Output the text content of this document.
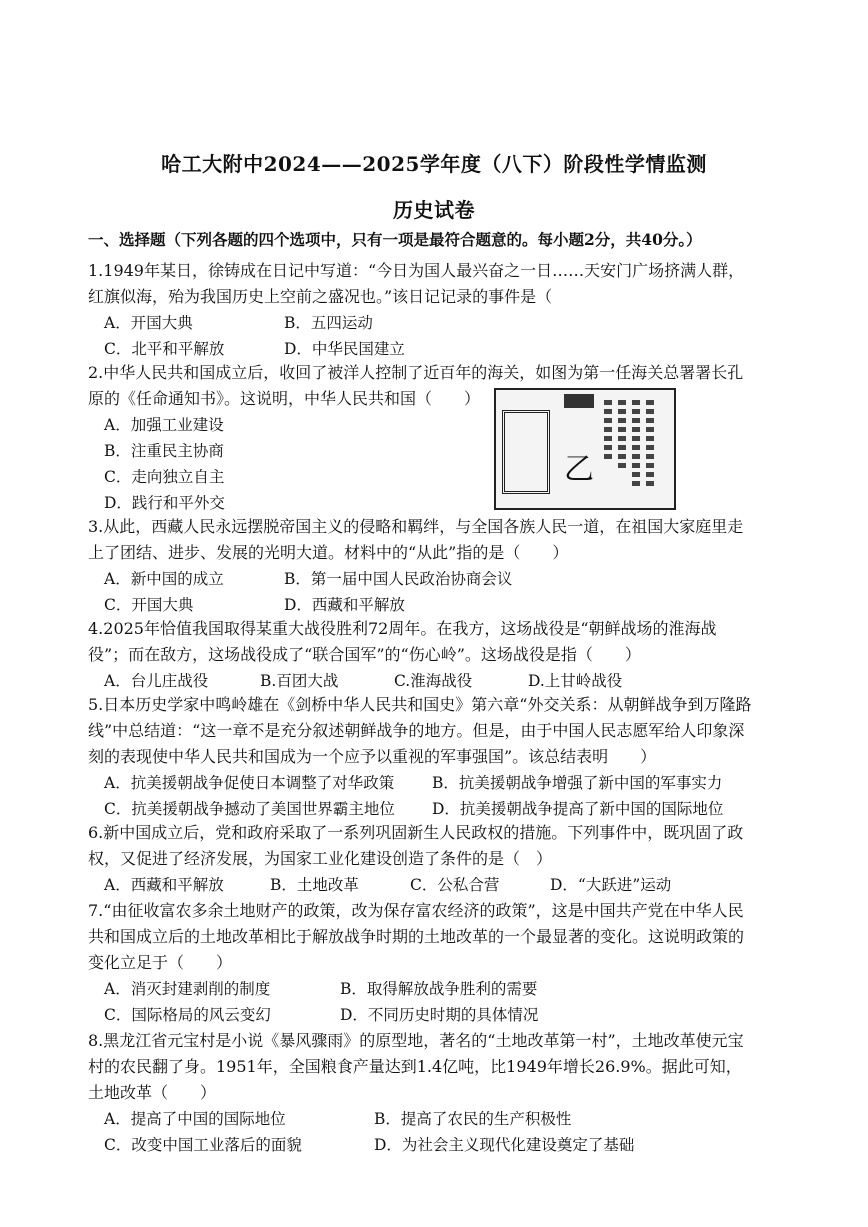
哈工大附中2024——2025学年度（八下）阶段性学情监测
历史试卷
一、选择题（下列各题的四个选项中，只有一项是最符合题意的。每小题2分，共40分。）
1.1949年某日，徐铸成在日记中写道：“今日为国人最兴奋之一日……天安门广场挤满人群，红旗似海，殆为我国历史上空前之盛况也。”该日记记录的事件是（
A．开国大典	B．五四运动
C．北平和平解放	D．中华民国建立
2.中华人民共和国成立后，收回了被洋人控制了近百年的海关，如图为第一任海关总署署长孔原的《任命通知书》。这说明，中华人民共和国（　　）
A．加强工业建设
B．注重民主协商
C．走向独立自主
D．践行和平外交
乙
3.从此，西藏人民永远摆脱帝国主义的侵略和羁绊，与全国各族人民一道，在祖国大家庭里走上了团结、进步、发展的光明大道。材料中的“从此”指的是（　　）
A．新中国的成立	B．第一届中国人民政治协商会议
C．开国大典	D．西藏和平解放
4.2025年恰值我国取得某重大战役胜利72周年。在我方，这场战役是“朝鲜战场的淮海战役”；而在敌方，这场战役成了“联合国军”的“伤心岭”。这场战役是指（　　）
A．台儿庄战役	B.百团大战	C.淮海战役	D.上甘岭战役
5.日本历史学家中鸣岭雄在《剑桥中华人民共和国史》第六章“外交关系：从朝鲜战争到万隆路线”中总结道：“这一章不是充分叙述朝鲜战争的地方。但是，由于中国人民志愿军给人印象深刻的表现使中华人民共和国成为一个应予以重视的军事强国”。该总结表明　　）
A．抗美援朝战争促使日本调整了对华政策 B．抗美援朝战争增强了新中国的军事实力
C．抗美援朝战争撼动了美国世界霸主地位 D．抗美援朝战争提高了新中国的国际地位
6.新中国成立后，党和政府采取了一系列巩固新生人民政权的措施。下列事件中，既巩固了政权，又促进了经济发展，为国家工业化建设创造了条件的是（　）
A．西藏和平解放	B．土地改革	C．公私合营	D．“大跃进”运动
7.“由征收富农多余土地财产的政策，改为保存富农经济的政策”，这是中国共产党在中华人民共和国成立后的土地改革相比于解放战争时期的土地改革的一个最显著的变化。这说明政策的变化立足于（　　）
A．消灭封建剥削的制度	B．取得解放战争胜利的需要
C．国际格局的风云变幻	D．不同历史时期的具体情况
8.黑龙江省元宝村是小说《暴风骤雨》的原型地，著名的“土地改革第一村”，土地改革使元宝村的农民翻了身。1951年，全国粮食产量达到1.4亿吨，比1949年增长26.9%。据此可知，土地改革（　　）
A．提高了中国的国际地位	B．提高了农民的生产积极性
C．改变中国工业落后的面貌	D．为社会主义现代化建设奠定了基础
